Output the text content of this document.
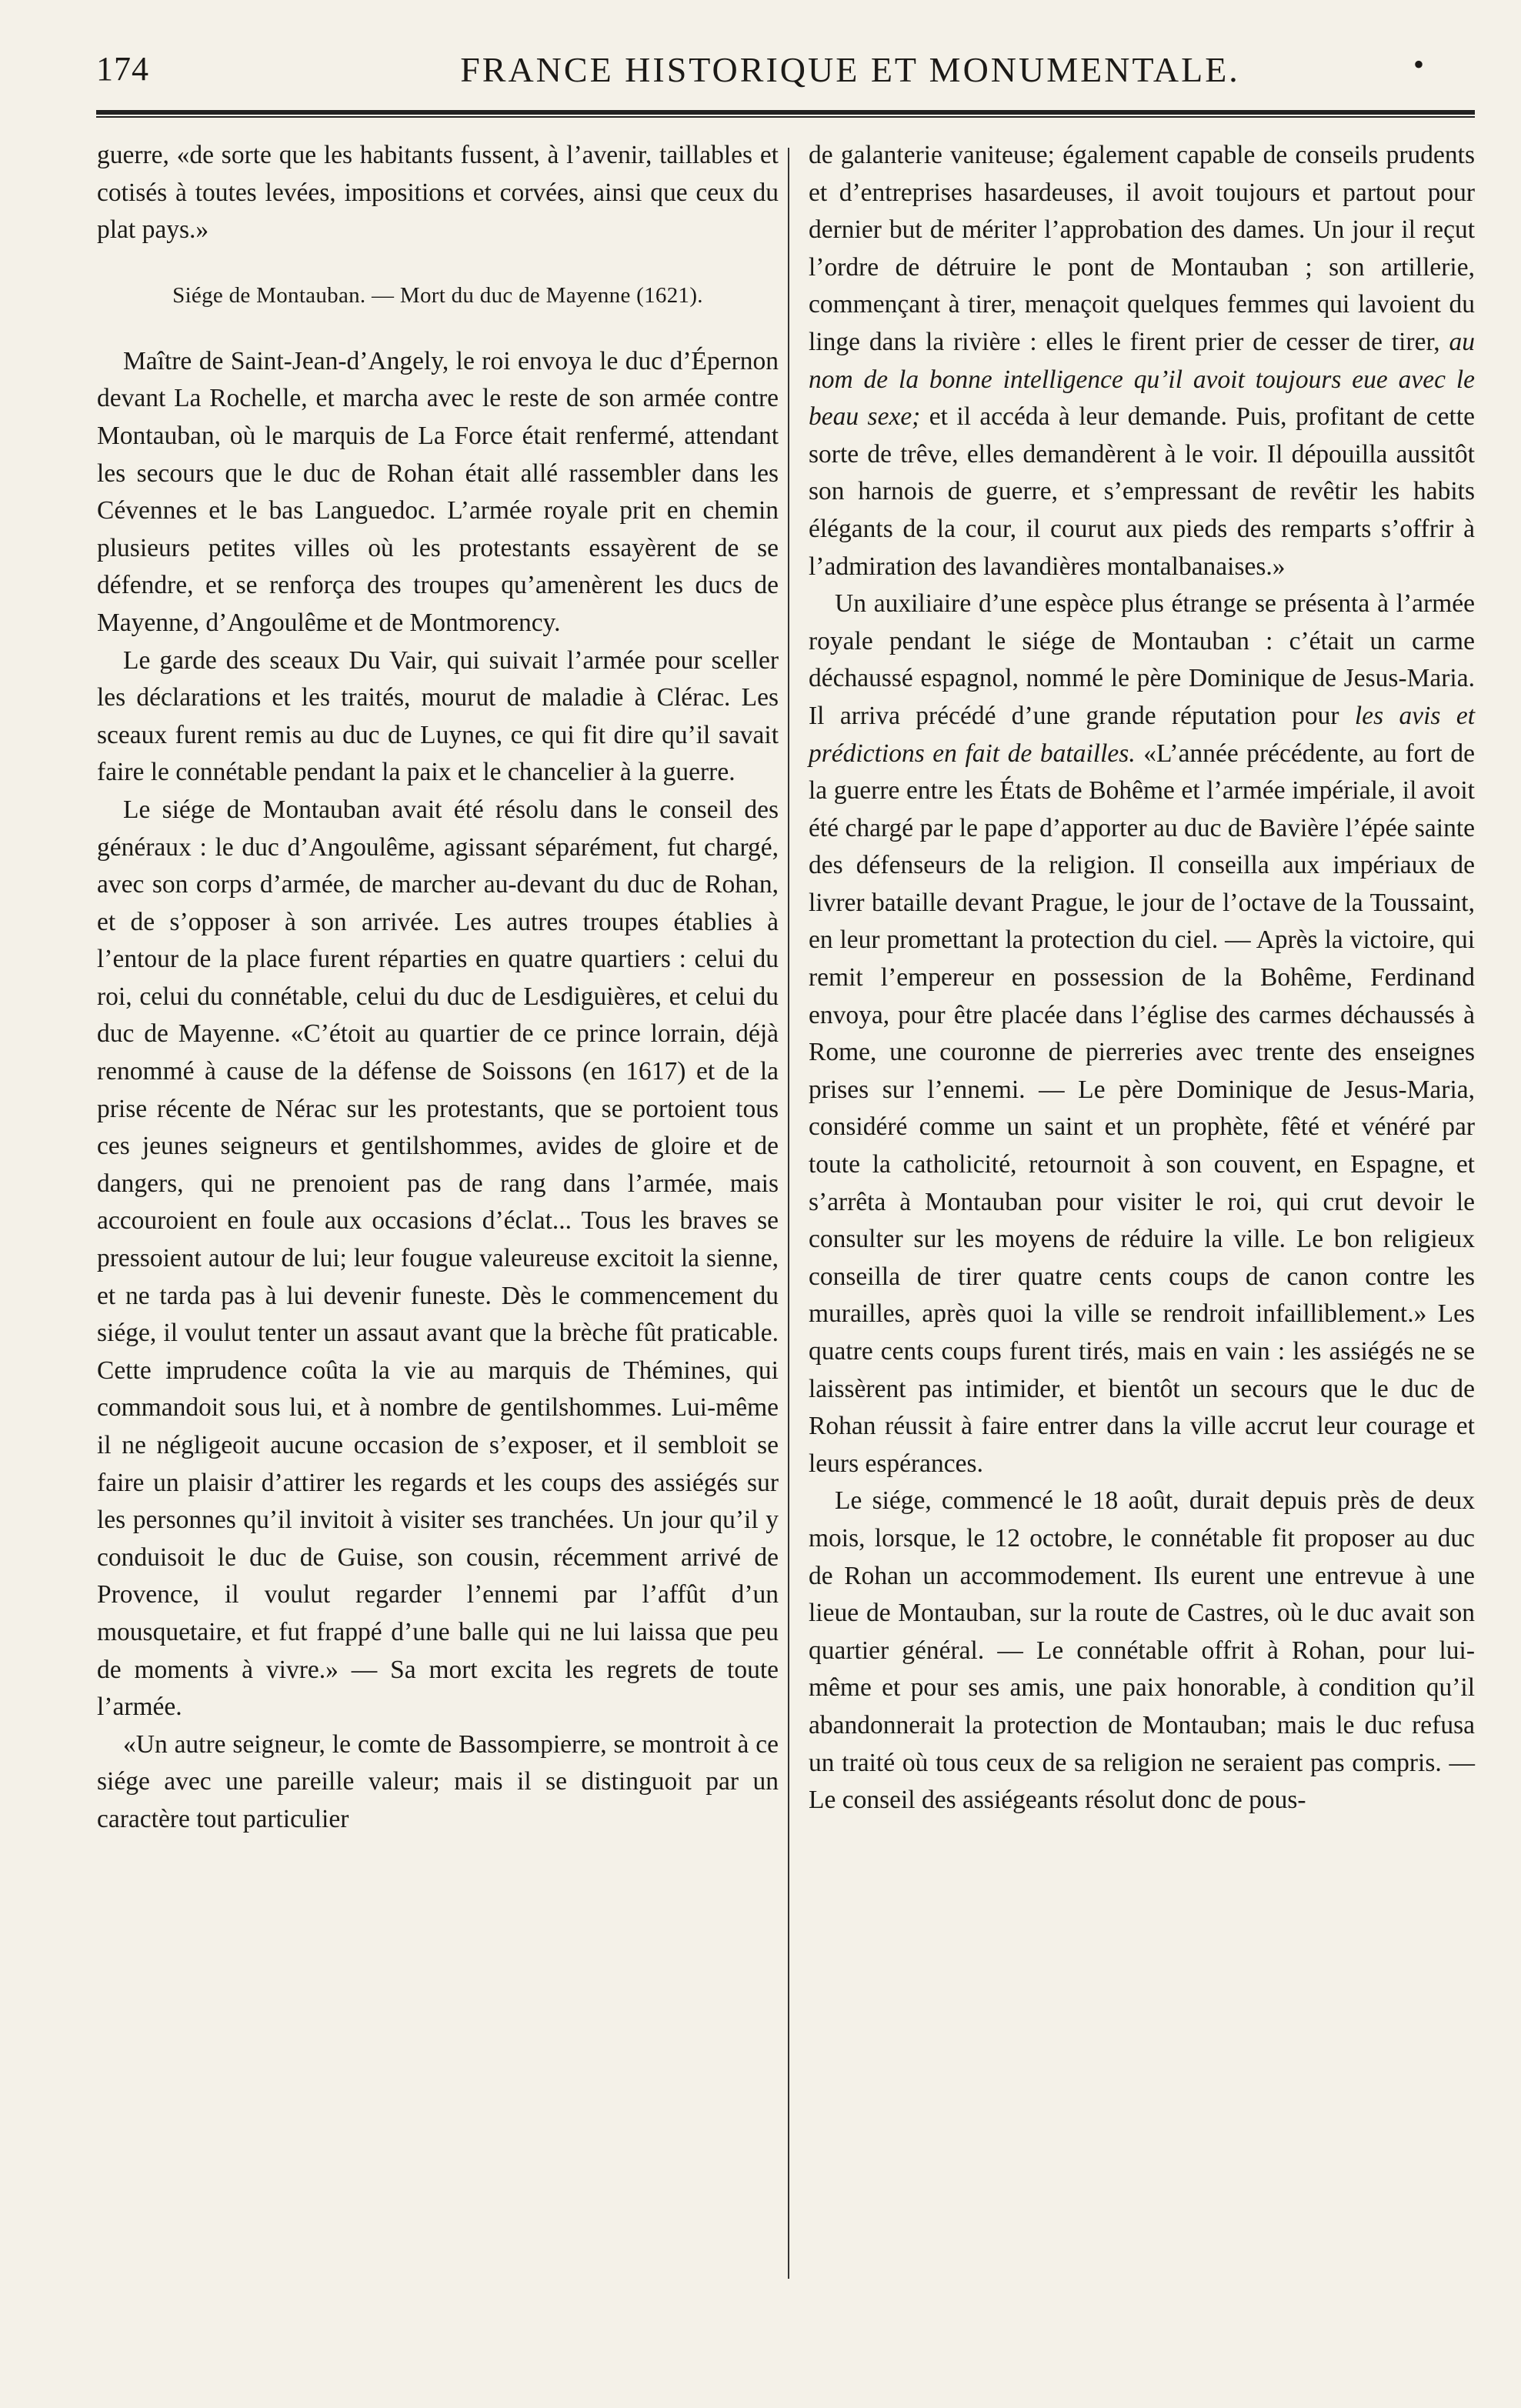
174	FRANCE HISTORIQUE ET MONUMENTALE.	•

guerre, «de sorte que les habitants fussent, à l’avenir, taillables et cotisés à toutes levées, impositions et corvées, ainsi que ceux du plat pays.»

Siége de Montauban. — Mort du duc de Mayenne (1621).

Maître de Saint-Jean-d’Angely, le roi envoya le duc d’Épernon devant La Rochelle, et marcha avec le reste de son armée contre Montauban, où le marquis de La Force était renfermé, attendant les secours que le duc de Rohan était allé rassembler dans les Cévennes et le bas Languedoc. L’armée royale prit en chemin plusieurs petites villes où les protestants essayèrent de se défendre, et se renforça des troupes qu’amenèrent les ducs de Mayenne, d’Angoulême et de Montmorency.

Le garde des sceaux Du Vair, qui suivait l’armée pour sceller les déclarations et les traités, mourut de maladie à Clérac. Les sceaux furent remis au duc de Luynes, ce qui fit dire qu’il savait faire le connétable pendant la paix et le chancelier à la guerre.

Le siége de Montauban avait été résolu dans le conseil des généraux : le duc d’Angoulême, agissant séparément, fut chargé, avec son corps d’armée, de marcher au-devant du duc de Rohan, et de s’opposer à son arrivée. Les autres troupes établies à l’entour de la place furent réparties en quatre quartiers : celui du roi, celui du connétable, celui du duc de Lesdiguières, et celui du duc de Mayenne. «C’étoit au quartier de ce prince lorrain, déjà renommé à cause de la défense de Soissons (en 1617) et de la prise récente de Nérac sur les protestants, que se portoient tous ces jeunes seigneurs et gentilshommes, avides de gloire et de dangers, qui ne prenoient pas de rang dans l’armée, mais accouroient en foule aux occasions d’éclat... Tous les braves se pressoient autour de lui; leur fougue valeureuse excitoit la sienne, et ne tarda pas à lui devenir funeste. Dès le commencement du siége, il voulut tenter un assaut avant que la brèche fût praticable. Cette imprudence coûta la vie au marquis de Thémines, qui commandoit sous lui, et à nombre de gentilshommes. Lui-même il ne négligeoit aucune occasion de s’exposer, et il sembloit se faire un plaisir d’attirer les regards et les coups des assiégés sur les personnes qu’il invitoit à visiter ses tranchées. Un jour qu’il y conduisoit le duc de Guise, son cousin, récemment arrivé de Provence, il voulut regarder l’ennemi par l’affût d’un mousquetaire, et fut frappé d’une balle qui ne lui laissa que peu de moments à vivre.» — Sa mort excita les regrets de toute l’armée.

«Un autre seigneur, le comte de Bassompierre, se montroit à ce siége avec une pareille valeur; mais il se distinguoit par un caractère tout particulier

de galanterie vaniteuse; également capable de conseils prudents et d’entreprises hasardeuses, il avoit toujours et partout pour dernier but de mériter l’approbation des dames. Un jour il reçut l’ordre de détruire le pont de Montauban ; son artillerie, commençant à tirer, menaçoit quelques femmes qui lavoient du linge dans la rivière : elles le firent prier de cesser de tirer, au nom de la bonne intelligence qu’il avoit toujours eue avec le beau sexe; et il accéda à leur demande. Puis, profitant de cette sorte de trêve, elles demandèrent à le voir. Il dépouilla aussitôt son harnois de guerre, et s’empressant de revêtir les habits élégants de la cour, il courut aux pieds des remparts s’offrir à l’admiration des lavandières montalbanaises.»

Un auxiliaire d’une espèce plus étrange se présenta à l’armée royale pendant le siége de Montauban : c’était un carme déchaussé espagnol, nommé le père Dominique de Jesus-Maria. Il arriva précédé d’une grande réputation pour les avis et prédictions en fait de batailles. «L’année précédente, au fort de la guerre entre les États de Bohême et l’armée impériale, il avoit été chargé par le pape d’apporter au duc de Bavière l’épée sainte des défenseurs de la religion. Il conseilla aux impériaux de livrer bataille devant Prague, le jour de l’octave de la Toussaint, en leur promettant la protection du ciel. — Après la victoire, qui remit l’empereur en possession de la Bohême, Ferdinand envoya, pour être placée dans l’église des carmes déchaussés à Rome, une couronne de pierreries avec trente des enseignes prises sur l’ennemi. — Le père Dominique de Jesus-Maria, considéré comme un saint et un prophète, fêté et vénéré par toute la catholicité, retournoit à son couvent, en Espagne, et s’arrêta à Montauban pour visiter le roi, qui crut devoir le consulter sur les moyens de réduire la ville. Le bon religieux conseilla de tirer quatre cents coups de canon contre les murailles, après quoi la ville se rendroit infailliblement.» Les quatre cents coups furent tirés, mais en vain : les assiégés ne se laissèrent pas intimider, et bientôt un secours que le duc de Rohan réussit à faire entrer dans la ville accrut leur courage et leurs espérances.

Le siége, commencé le 18 août, durait depuis près de deux mois, lorsque, le 12 octobre, le connétable fit proposer au duc de Rohan un accommodement. Ils eurent une entrevue à une lieue de Montauban, sur la route de Castres, où le duc avait son quartier général. — Le connétable offrit à Rohan, pour lui-même et pour ses amis, une paix honorable, à condition qu’il abandonnerait la protection de Montauban; mais le duc refusa un traité où tous ceux de sa religion ne seraient pas compris. — Le conseil des assiégeants résolut donc de pous-
